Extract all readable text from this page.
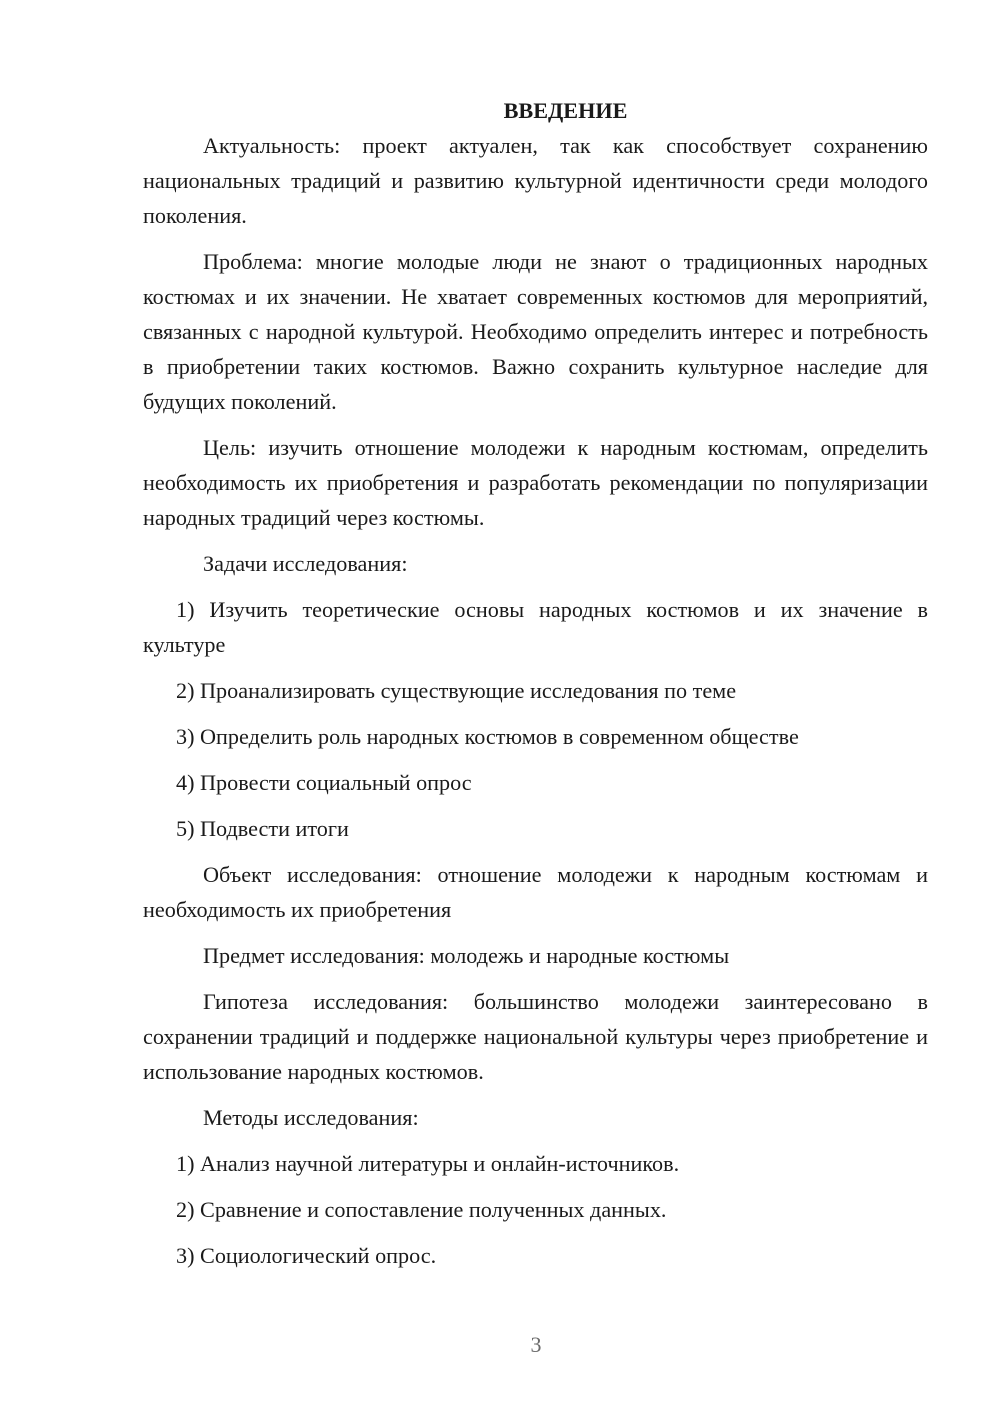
ВВЕДЕНИЕ

Актуальность: проект актуален, так как способствует сохранению национальных традиций и развитию культурной идентичности среди молодого поколения.

Проблема: многие молодые люди не знают о традиционных народных костюмах и их значении. Не хватает современных костюмов для мероприятий, связанных с народной культурой. Необходимо определить интерес и потребность в приобретении таких костюмов. Важно сохранить культурное наследие для будущих поколений.

Цель: изучить отношение молодежи к народным костюмам, определить необходимость их приобретения и разработать рекомендации по популяризации народных традиций через костюмы.

Задачи исследования:

1) Изучить теоретические основы народных костюмов и их значение в культуре

2) Проанализировать существующие исследования по теме

3) Определить роль народных костюмов в современном обществе

4) Провести социальный опрос

5) Подвести итоги

Объект исследования: отношение молодежи к народным костюмам и необходимость их приобретения

Предмет исследования: молодежь и народные костюмы

Гипотеза исследования: большинство молодежи заинтересовано в сохранении традиций и поддержке национальной культуры через приобретение и использование народных костюмов.

Методы исследования:

1) Анализ научной литературы и онлайн-источников.

2) Сравнение и сопоставление полученных данных.

3) Социологический опрос.

3
